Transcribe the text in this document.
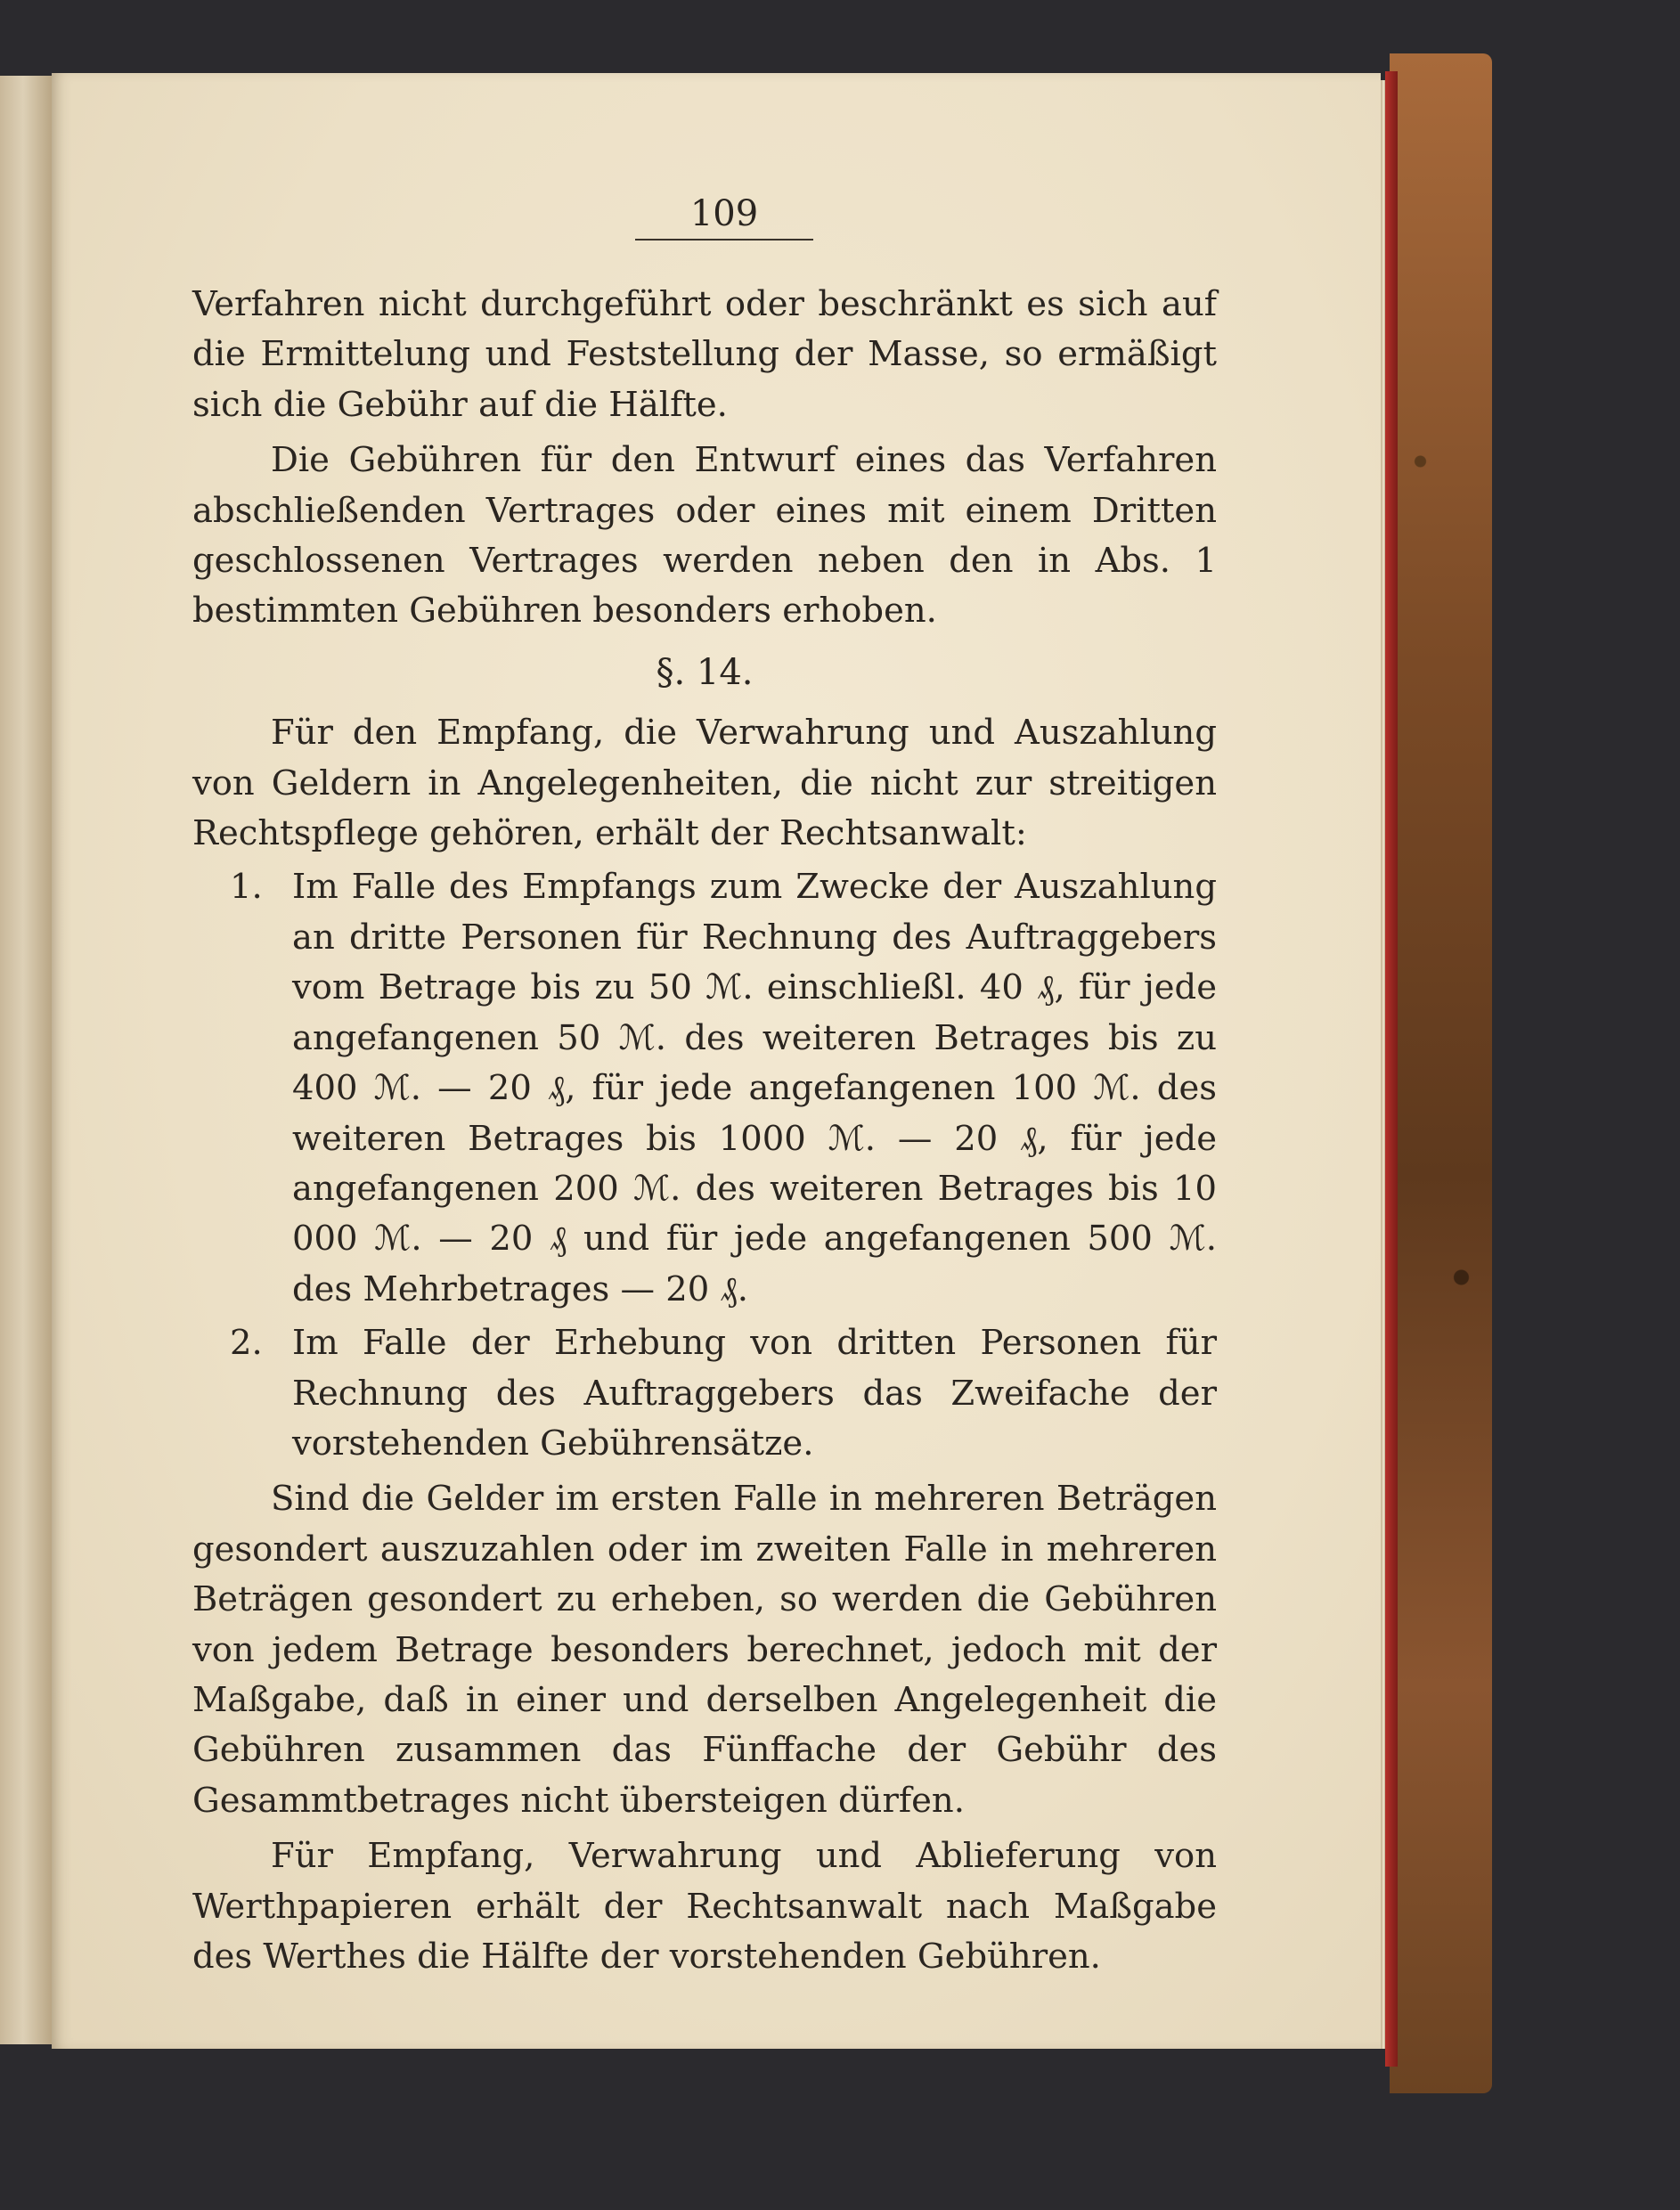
109

Verfahren nicht durchgeführt oder beschränkt es sich auf die Ermittelung und Feststellung der Masse, so ermäßigt sich die Gebühr auf die Hälfte.

Die Gebühren für den Entwurf eines das Verfahren abschließenden Vertrages oder eines mit einem Dritten geschlossenen Vertrages werden neben den in Abs. 1 bestimmten Gebühren besonders erhoben.

§. 14.

Für den Empfang, die Verwahrung und Auszahlung von Geldern in Angelegenheiten, die nicht zur streitigen Rechtspflege gehören, erhält der Rechtsanwalt:

1. Im Falle des Empfangs zum Zwecke der Auszahlung an dritte Personen für Rechnung des Auftraggebers vom Betrage bis zu 50 ℳ. einschließl. 40 ₰, für jede angefangenen 50 ℳ. des weiteren Betrages bis zu 400 ℳ. — 20 ₰, für jede angefangenen 100 ℳ. des weiteren Betrages bis 1000 ℳ. — 20 ₰, für jede angefangenen 200 ℳ. des weiteren Betrages bis 10 000 ℳ. — 20 ₰ und für jede angefangenen 500 ℳ. des Mehrbetrages — 20 ₰.
2. Im Falle der Erhebung von dritten Personen für Rechnung des Auftraggebers das Zweifache der vorstehenden Gebührensätze.

Sind die Gelder im ersten Falle in mehreren Beträgen gesondert auszuzahlen oder im zweiten Falle in mehreren Beträgen gesondert zu erheben, so werden die Gebühren von jedem Betrage besonders berechnet, jedoch mit der Maßgabe, daß in einer und derselben Angelegenheit die Gebühren zusammen das Fünffache der Gebühr des Gesammtbetrages nicht übersteigen dürfen.

Für Empfang, Verwahrung und Ablieferung von Werthpapieren erhält der Rechtsanwalt nach Maßgabe des Werthes die Hälfte der vorstehenden Gebühren.
